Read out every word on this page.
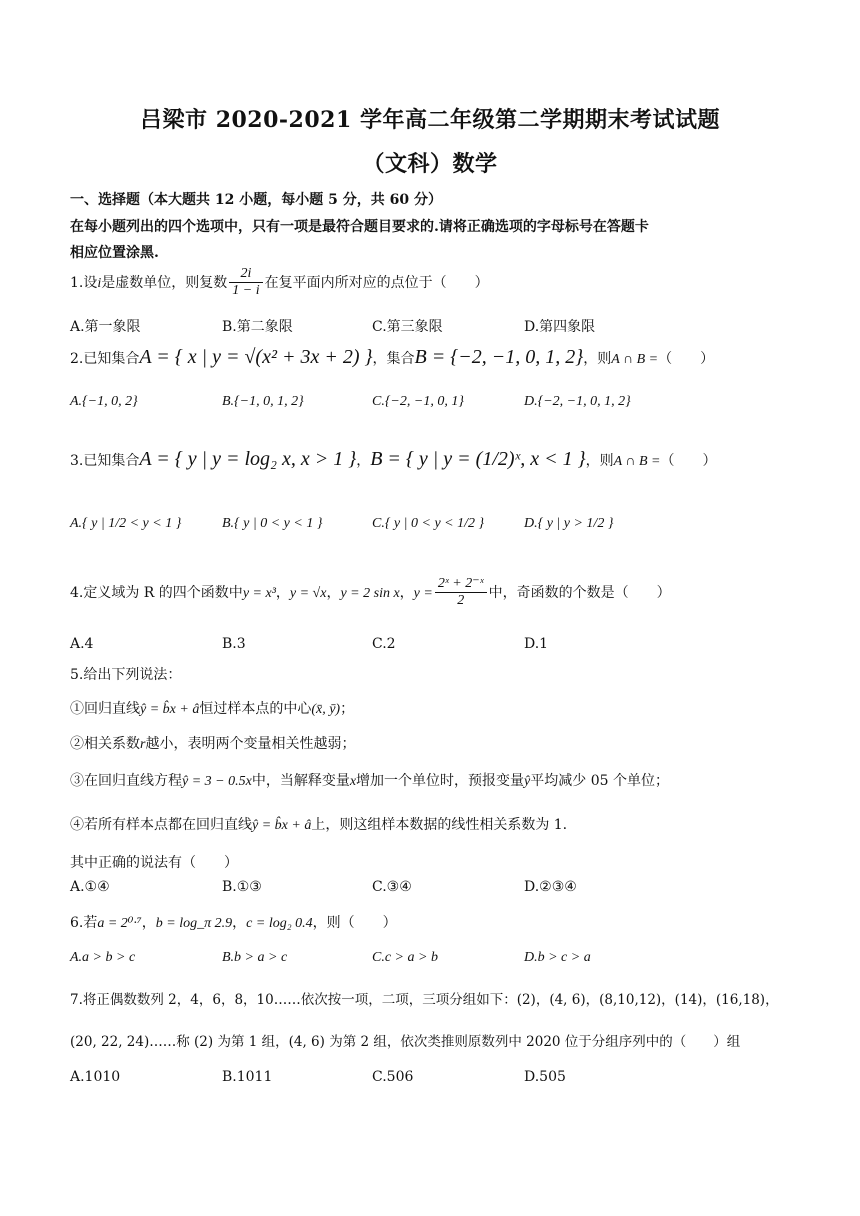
吕梁市 2020-2021 学年高二年级第二学期期末考试试题
（文科）数学
一、选择题（本大题共 12 小题，每小题 5 分，共 60 分）
在每小题列出的四个选项中，只有一项是最符合题目要求的.请将正确选项的字母标号在答题卡
相应位置涂黑.
1.设i是虚数单位，则复数 $\frac{2i}{1 - i}$ 在复平面内所对应的点位于（　　）
A.第一象限	B.第二象限	C.第三象限	D.第四象限
2.已知集合A = { x | y = √(x² + 3x + 2) }，集合B = {−2, −1, 0, 1, 2}，则A ∩ B =（　　）
A.{−1, 0, 2}	B.{−1, 0, 1, 2}	C.{−2, −1, 0, 1}	D.{−2, −1, 0, 1, 2}
3.已知集合A = { y | y = log₂ x, x > 1 }，B = { y | y = (1/2)ˣ, x < 1 }，则A ∩ B =（　　）
A.{ y | 1/2 < y < 1 }	B.{ y | 0 < y < 1 }	C.{ y | 0 < y < 1/2 }	D.{ y | y > 1/2 }
4.定义域为 R 的四个函数中y = x³，y = √x，y = 2 sin x，$y = \frac{\text{2ˣ + 2⁻ˣ}}{2}$ 中，奇函数的个数是（　　）
A.4	B.3	C.2	D.1
5.给出下列说法：
①回归直线ŷ = b̂x + â恒过样本点的中心(x̄, ȳ)；
②相关系数r越小，表明两个变量相关性越弱；
③在回归直线方程ŷ = 3 − 0.5x中，当解释变量x增加一个单位时，预报变量ŷ平均减少 05 个单位；
④若所有样本点都在回归直线ŷ = b̂x + â上，则这组样本数据的线性相关系数为 1.
其中正确的说法有（　　）
A.①④	B.①③	C.③④	D.②③④
6.若a = 2⁰·⁷，b = log_π 2.9，c = log₂ 0.4，则（　　）
A.a > b > c	B.b > a > c	C.c > a > b	D.b > c > a
7.将正偶数数列 2，4，6，8，10……依次按一项，二项，三项分组如下：(2)，(4, 6)，(8,10,12)，(14)，(16,18)，
(20, 22, 24)……称 (2) 为第 1 组，(4, 6) 为第 2 组，依次类推则原数列中 2020 位于分组序列中的（　　）组
A.1010	B.1011	C.506	D.505
